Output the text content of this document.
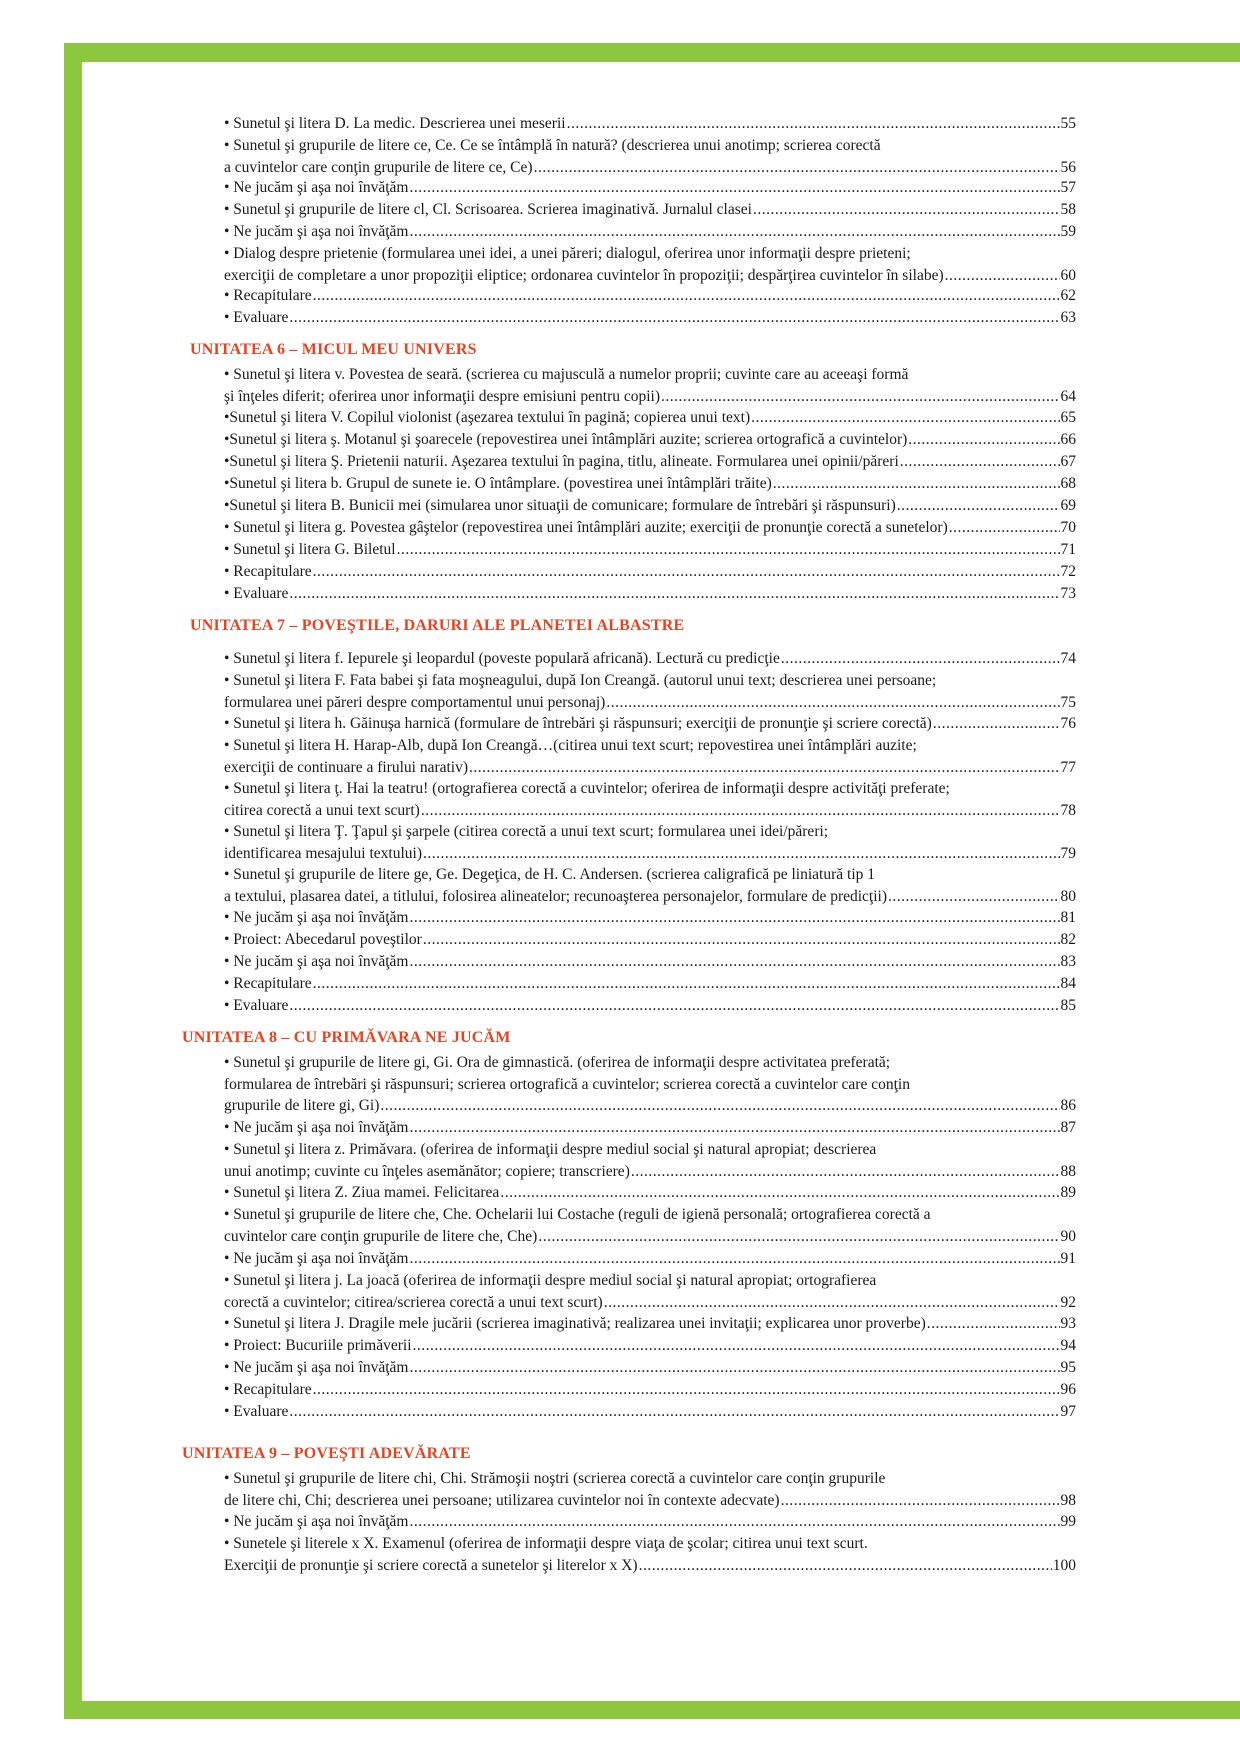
• Sunetul şi litera D. La medic. Descrierea unei meserii .....	55
• Sunetul şi grupurile de litere ce, Ce. Ce se întâmplă în natură? (descrierea unui anotimp; scrierea corectă
a cuvintelor care conţin grupurile de litere ce, Ce) .....	56
• Ne jucăm şi aşa noi învăţăm .....	57
• Sunetul şi grupurile de litere cl, Cl. Scrisoarea. Scrierea imaginativă. Jurnalul clasei .....	58
• Ne jucăm şi aşa noi învăţăm .....	59
• Dialog despre prietenie (formularea unei idei, a unei păreri; dialogul, oferirea unor informaţii despre prieteni;
exerciţii de completare a unor propoziţii eliptice; ordonarea cuvintelor în propoziţii; despărţirea cuvintelor în silabe) .....	60
• Recapitulare .....	62
• Evaluare .....	63
UNITATEA 6 – MICUL MEU UNIVERS
• Sunetul şi litera v. Povestea de seară. (scrierea cu majusculă a numelor proprii; cuvinte care au aceeaşi formă
şi înţeles diferit; oferirea unor informaţii despre emisiuni pentru copii) .....	64
•Sunetul şi litera V. Copilul violonist (aşezarea textului în pagină; copierea unui text) .....	65
•Sunetul şi litera ş. Motanul şi şoarecele (repovestirea unei întâmplări auzite; scrierea ortografică a cuvintelor) .....	66
•Sunetul şi litera Ş. Prietenii naturii. Aşezarea textului în pagina, titlu, alineate. Formularea unei opinii/păreri .....	67
•Sunetul şi litera b. Grupul de sunete ie. O întâmplare. (povestirea unei întâmplări trăite) .....	68
•Sunetul şi litera B. Bunicii mei (simularea unor situaţii de comunicare; formulare de întrebări şi răspunsuri) .....	69
• Sunetul şi litera g. Povestea gâştelor (repovestirea unei întâmplări auzite; exerciţii de pronunţie corectă a sunetelor) .....	70
• Sunetul şi litera G. Biletul .....	71
• Recapitulare .....	72
• Evaluare .....	73
UNITATEA 7 – POVEŞTILE, DARURI ALE PLANETEI ALBASTRE
• Sunetul şi litera f. Iepurele şi leopardul (poveste populară africană). Lectură cu predicţie .....	74
• Sunetul şi litera F. Fata babei şi fata moşneagului, după Ion Creangă. (autorul unui text; descrierea unei persoane;
formularea unei păreri despre comportamentul unui personaj) .....	75
• Sunetul şi litera h. Găinuşa harnică (formulare de întrebări şi răspunsuri; exerciţii de pronunţie şi scriere corectă) .....	76
• Sunetul şi litera H. Harap-Alb, după Ion Creangă…(citirea unui text scurt; repovestirea unei întâmplări auzite;
exerciţii de continuare a firului narativ) .....	77
• Sunetul şi litera ţ. Hai la teatru! (ortografierea corectă a cuvintelor; oferirea de informaţii despre activităţi preferate;
citirea corectă a unui text scurt) .....	78
• Sunetul şi litera Ţ. Ţapul şi şarpele (citirea corectă a unui text scurt; formularea unei idei/păreri;
identificarea mesajului textului) .....	79
• Sunetul şi grupurile de litere ge, Ge. Degeţica, de H. C. Andersen. (scrierea caligrafică pe liniatură tip 1
a textului, plasarea datei, a titlului, folosirea alineatelor; recunoaşterea personajelor, formulare de predicţii) .....	80
• Ne jucăm şi aşa noi învăţăm .....	81
• Proiect: Abecedarul poveştilor .....	82
• Ne jucăm şi aşa noi învăţăm .....	83
• Recapitulare .....	84
• Evaluare .....	85
UNITATEA 8 – CU PRIMĂVARA NE JUCĂM
• Sunetul şi grupurile de litere gi, Gi. Ora de gimnastică. (oferirea de informaţii despre activitatea preferată;
formularea de întrebări şi răspunsuri; scrierea ortografică a cuvintelor; scrierea corectă a cuvintelor care conţin
grupurile de litere gi, Gi) .....	86
• Ne jucăm şi aşa noi învăţăm .....	87
• Sunetul şi litera z. Primăvara. (oferirea de informaţii despre mediul social şi natural apropiat; descrierea
unui anotimp; cuvinte cu înţeles asemănător; copiere; transcriere) .....	88
• Sunetul şi litera Z. Ziua mamei. Felicitarea .....	89
• Sunetul şi grupurile de litere che, Che. Ochelarii lui Costache (reguli de igienă personală; ortografierea corectă a
cuvintelor care conţin grupurile de litere che, Che) .....	90
• Ne jucăm şi aşa noi învăţăm .....	91
• Sunetul şi litera j. La joacă (oferirea de informaţii despre mediul social şi natural apropiat; ortografierea
corectă a cuvintelor; citirea/scrierea corectă a unui text scurt) .....	92
• Sunetul şi litera J. Dragile mele jucării (scrierea imaginativă; realizarea unei invitaţii; explicarea unor proverbe) .....	93
• Proiect: Bucuriile primăverii .....	94
• Ne jucăm şi aşa noi învăţăm .....	95
• Recapitulare .....	96
• Evaluare .....	97
UNITATEA 9 – POVEŞTI ADEVĂRATE
• Sunetul şi grupurile de litere chi, Chi. Strămoşii noştri (scrierea corectă a cuvintelor care conţin grupurile
de litere chi, Chi; descrierea unei persoane; utilizarea cuvintelor noi în contexte adecvate) .....	98
• Ne jucăm şi aşa noi învăţăm .....	99
• Sunetele şi literele x X. Examenul (oferirea de informaţii despre viaţa de şcolar; citirea unui text scurt.
Exerciţii de pronunţie şi scriere corectă a sunetelor şi literelor x X) .....	100
